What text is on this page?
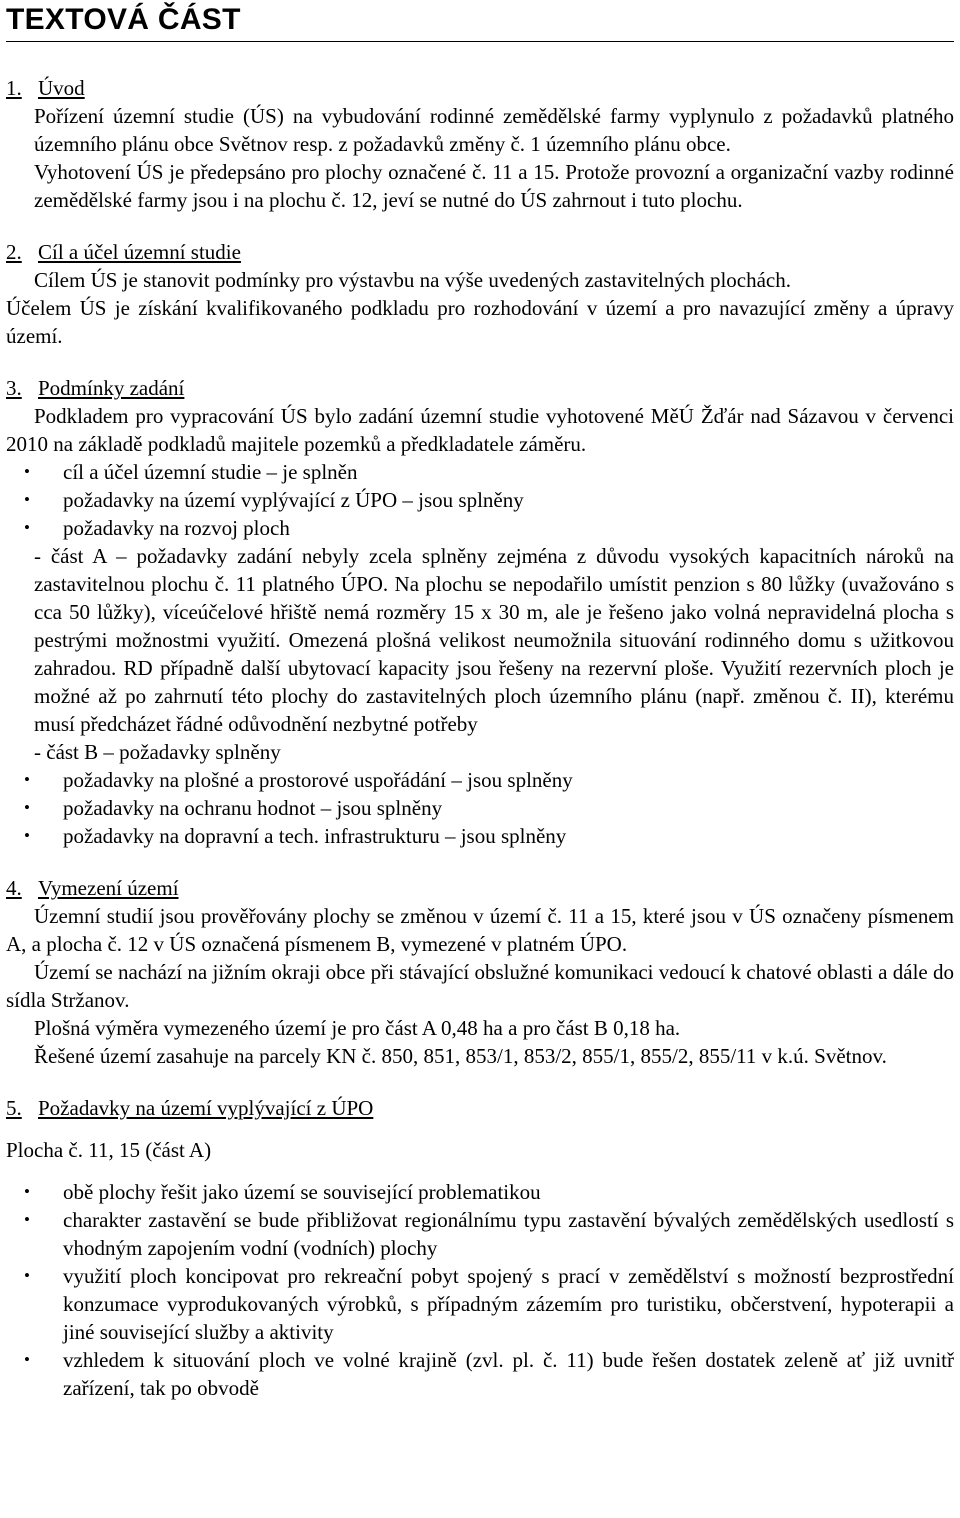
TEXTOVÁ ČÁST
1. Úvod
Pořízení územní studie (ÚS) na vybudování rodinné zemědělské farmy vyplynulo z požadavků platného územního plánu obce Světnov resp. z požadavků změny č. 1 územního plánu obce.
Vyhotovení ÚS je předepsáno pro plochy označené č. 11 a 15. Protože provozní a organizační vazby rodinné zemědělské farmy jsou i na plochu č. 12, jeví se nutné do ÚS zahrnout i tuto plochu.
2. Cíl a účel územní studie
Cílem ÚS je stanovit podmínky pro výstavbu na výše uvedených zastavitelných plochách.
Účelem ÚS je získání kvalifikovaného podkladu pro rozhodování v území a pro navazující změny a úpravy území.
3. Podmínky zadání
Podkladem pro vypracování ÚS bylo zadání územní studie vyhotovené MěÚ Žďár nad Sázavou v červenci 2010 na základě podkladů majitele pozemků a předkladatele záměru.
• cíl a účel územní studie – je splněn
• požadavky na území vyplývající z ÚPO – jsou splněny
• požadavky na rozvoj ploch
- část A – požadavky zadání nebyly zcela splněny zejména z důvodu vysokých kapacitních nároků na zastavitelnou plochu č. 11 platného ÚPO. Na plochu se nepodařilo umístit penzion s 80 lůžky (uvažováno s cca 50 lůžky), víceúčelové hřiště nemá rozměry 15 x 30 m, ale je řešeno jako volná nepravidelná plocha s pestrými možnostmi využití. Omezená plošná velikost neumožnila situování rodinného domu s užitkovou zahradou. RD případně další ubytovací kapacity jsou řešeny na rezervní ploše. Využití rezervních ploch je možné až po zahrnutí této plochy do zastavitelných ploch územního plánu (např. změnou č. II), kterému musí předcházet řádné odůvodnění nezbytné potřeby
- část B – požadavky splněny
• požadavky na plošné a prostorové uspořádání – jsou splněny
• požadavky na ochranu hodnot – jsou splněny
• požadavky na dopravní a tech. infrastrukturu – jsou splněny
4. Vymezení území
Územní studií jsou prověřovány plochy se změnou v území č. 11 a 15, které jsou v ÚS označeny písmenem A, a plocha č. 12 v ÚS označená písmenem B, vymezené v platném ÚPO.
Území se nachází na jižním okraji obce při stávající obslužné komunikaci vedoucí k chatové oblasti a dále do sídla Stržanov.
Plošná výměra vymezeného území je pro část A 0,48 ha a pro část B 0,18 ha.
Řešené území zasahuje na parcely KN č. 850, 851, 853/1, 853/2, 855/1, 855/2, 855/11 v k.ú. Světnov.
5. Požadavky na území vyplývající z ÚPO
Plocha č. 11, 15 (část A)
• obě plochy řešit jako území se související problematikou
• charakter zastavění se bude přibližovat regionálnímu typu zastavění bývalých zemědělských usedlostí s vhodným zapojením vodní (vodních) plochy
• využití ploch koncipovat pro rekreační pobyt spojený s prací v zemědělství s možností bezprostřední konzumace vyprodukovaných výrobků, s případným zázemím pro turistiku, občerstvení, hypoterapii a jiné související služby a aktivity
• vzhledem k situování ploch ve volné krajině (zvl. pl. č. 11) bude řešen dostatek zeleně ať již uvnitř zařízení, tak po obvodě
